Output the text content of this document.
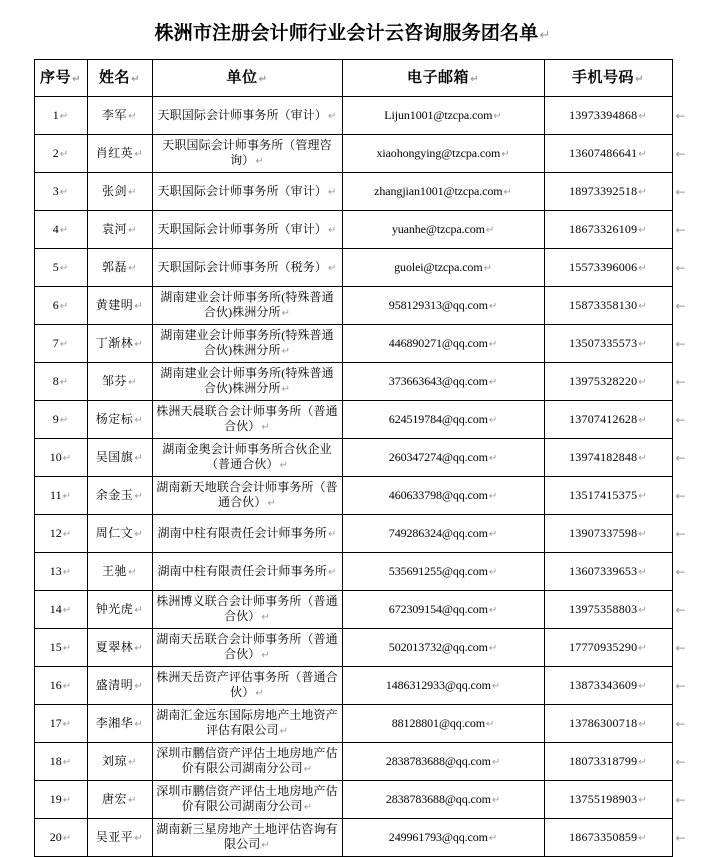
株洲市注册会计师行业会计云咨询服务团名单↵
序号↵	姓名↵	单位↵	电子邮箱↵	手机号码↵
1↵	李军↵	天职国际会计师事务所（审计）↵	Lijun1001@tzcpa.com↵	13973394868↵
2↵	肖红英↵	天职国际会计师事务所（管理咨询）↵	xiaohongying@tzcpa.com↵	13607486641↵
3↵	张剑↵	天职国际会计师事务所（审计）↵	zhangjian1001@tzcpa.com↵	18973392518↵
4↵	袁河↵	天职国际会计师事务所（审计）↵	yuanhe@tzcpa.com↵	18673326109↵
5↵	郭磊↵	天职国际会计师事务所（税务）↵	guolei@tzcpa.com↵	15573396006↵
6↵	黄建明↵	湖南建业会计师事务所(特殊普通合伙)株洲分所↵	958129313@qq.com↵	15873358130↵
7↵	丁渐林↵	湖南建业会计师事务所(特殊普通合伙)株洲分所↵	446890271@qq.com↵	13507335573↵
8↵	邹芬↵	湖南建业会计师事务所(特殊普通合伙)株洲分所↵	373663643@qq.com↵	13975328220↵
9↵	杨定标↵	株洲天晨联合会计师事务所（普通合伙）↵	624519784@qq.com↵	13707412628↵
10↵	吴国旗↵	湖南金奥会计师事务所合伙企业（普通合伙）↵	260347274@qq.com↵	13974182848↵
11↵	余金玉↵	湖南新天地联合会计师事务所（普通合伙）↵	460633798@qq.com↵	13517415375↵
12↵	周仁文↵	湖南中柱有限责任会计师事务所↵	749286324@qq.com↵	13907337598↵
13↵	王驰↵	湖南中柱有限责任会计师事务所↵	535691255@qq.com↵	13607339653↵
14↵	钟光虎↵	株洲博义联合会计师事务所（普通合伙）↵	672309154@qq.com↵	13975358803↵
15↵	夏翠林↵	湖南天岳联合会计师事务所（普通合伙）↵	502013732@qq.com↵	17770935290↵
16↵	盛清明↵	株洲天岳资产评估事务所（普通合伙）↵	1486312933@qq.com↵	13873343609↵
17↵	李湘华↵	湖南汇金远东国际房地产土地资产评估有限公司↵	88128801@qq.com↵	13786300718↵
18↵	刘琼↵	深圳市鹏信资产评估土地房地产估价有限公司湖南分公司↵	2838783688@qq.com↵	18073318799↵
19↵	唐宏↵	深圳市鹏信资产评估土地房地产估价有限公司湖南分公司↵	2838783688@qq.com↵	13755198903↵
20↵	吴亚平↵	湖南新三星房地产土地评估咨询有限公司↵	249961793@qq.com↵	18673350859↵
←
←
←
←
←
←
←
←
←
←
←
←
←
←
←
←
←
←
←
←
